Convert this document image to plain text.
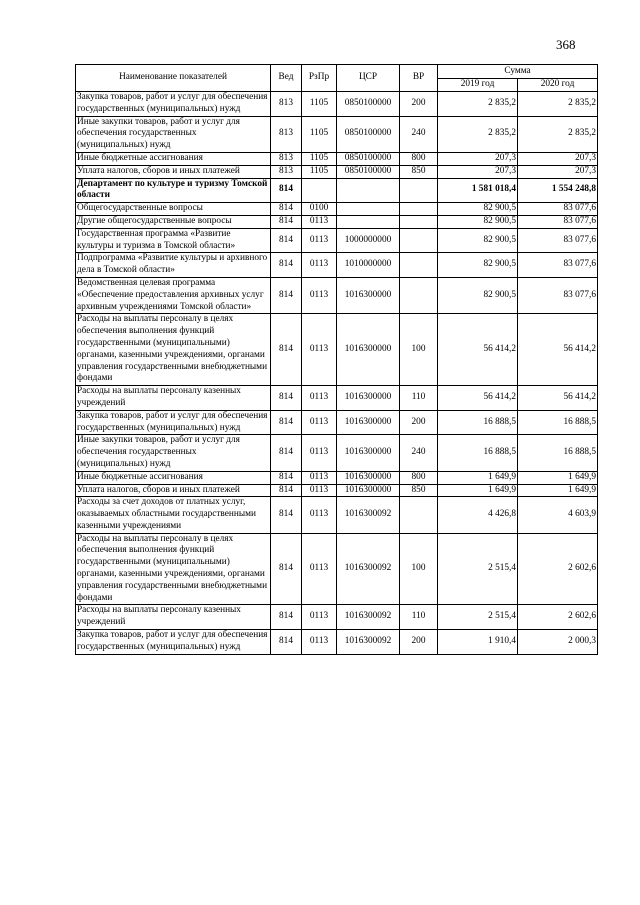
368
Наименование показателей	Вед	РзПр	ЦСР	ВР	Сумма	
					2019 год	2020 год
Закупка товаров, работ и услуг для обеспечения государственных (муниципальных) нужд	813	1105	0850100000	200	2 835,2	2 835,2
Иные закупки товаров, работ и услуг для обеспечения государственных (муниципальных) нужд	813	1105	0850100000	240	2 835,2	2 835,2
Иные бюджетные ассигнования	813	1105	0850100000	800	207,3	207,3
Уплата налогов, сборов и иных платежей	813	1105	0850100000	850	207,3	207,3
Департамент по культуре и туризму Томской области	814				1 581 018,4	1 554 248,8
Общегосударственные вопросы	814	0100			82 900,5	83 077,6
Другие общегосударственные вопросы	814	0113			82 900,5	83 077,6
Государственная программа «Развитие культуры и туризма в Томской области»	814	0113	1000000000		82 900,5	83 077,6
Подпрограмма «Развитие культуры и архивного дела в Томской области»	814	0113	1010000000		82 900,5	83 077,6
Ведомственная целевая программа «Обеспечение предоставления архивных услуг архивным учреждениями Томской области»	814	0113	1016300000		82 900,5	83 077,6
Расходы на выплаты персоналу в целях обеспечения выполнения функций государственными (муниципальными) органами, казенными учреждениями, органами управления государственными внебюджетными фондами	814	0113	1016300000	100	56 414,2	56 414,2
Расходы на выплаты персоналу казенных учреждений	814	0113	1016300000	110	56 414,2	56 414,2
Закупка товаров, работ и услуг для обеспечения государственных (муниципальных) нужд	814	0113	1016300000	200	16 888,5	16 888,5
Иные закупки товаров, работ и услуг для обеспечения государственных (муниципальных) нужд	814	0113	1016300000	240	16 888,5	16 888,5
Иные бюджетные ассигнования	814	0113	1016300000	800	1 649,9	1 649,9
Уплата налогов, сборов и иных платежей	814	0113	1016300000	850	1 649,9	1 649,9
Расходы за счет доходов от платных услуг, оказываемых областными государственными казенными учреждениями	814	0113	1016300092		4 426,8	4 603,9
Расходы на выплаты персоналу в целях обеспечения выполнения функций государственными (муниципальными) органами, казенными учреждениями, органами управления государственными внебюджетными фондами	814	0113	1016300092	100	2 515,4	2 602,6
Расходы на выплаты персоналу казенных учреждений	814	0113	1016300092	110	2 515,4	2 602,6
Закупка товаров, работ и услуг для обеспечения государственных (муниципальных) нужд	814	0113	1016300092	200	1 910,4	2 000,3
